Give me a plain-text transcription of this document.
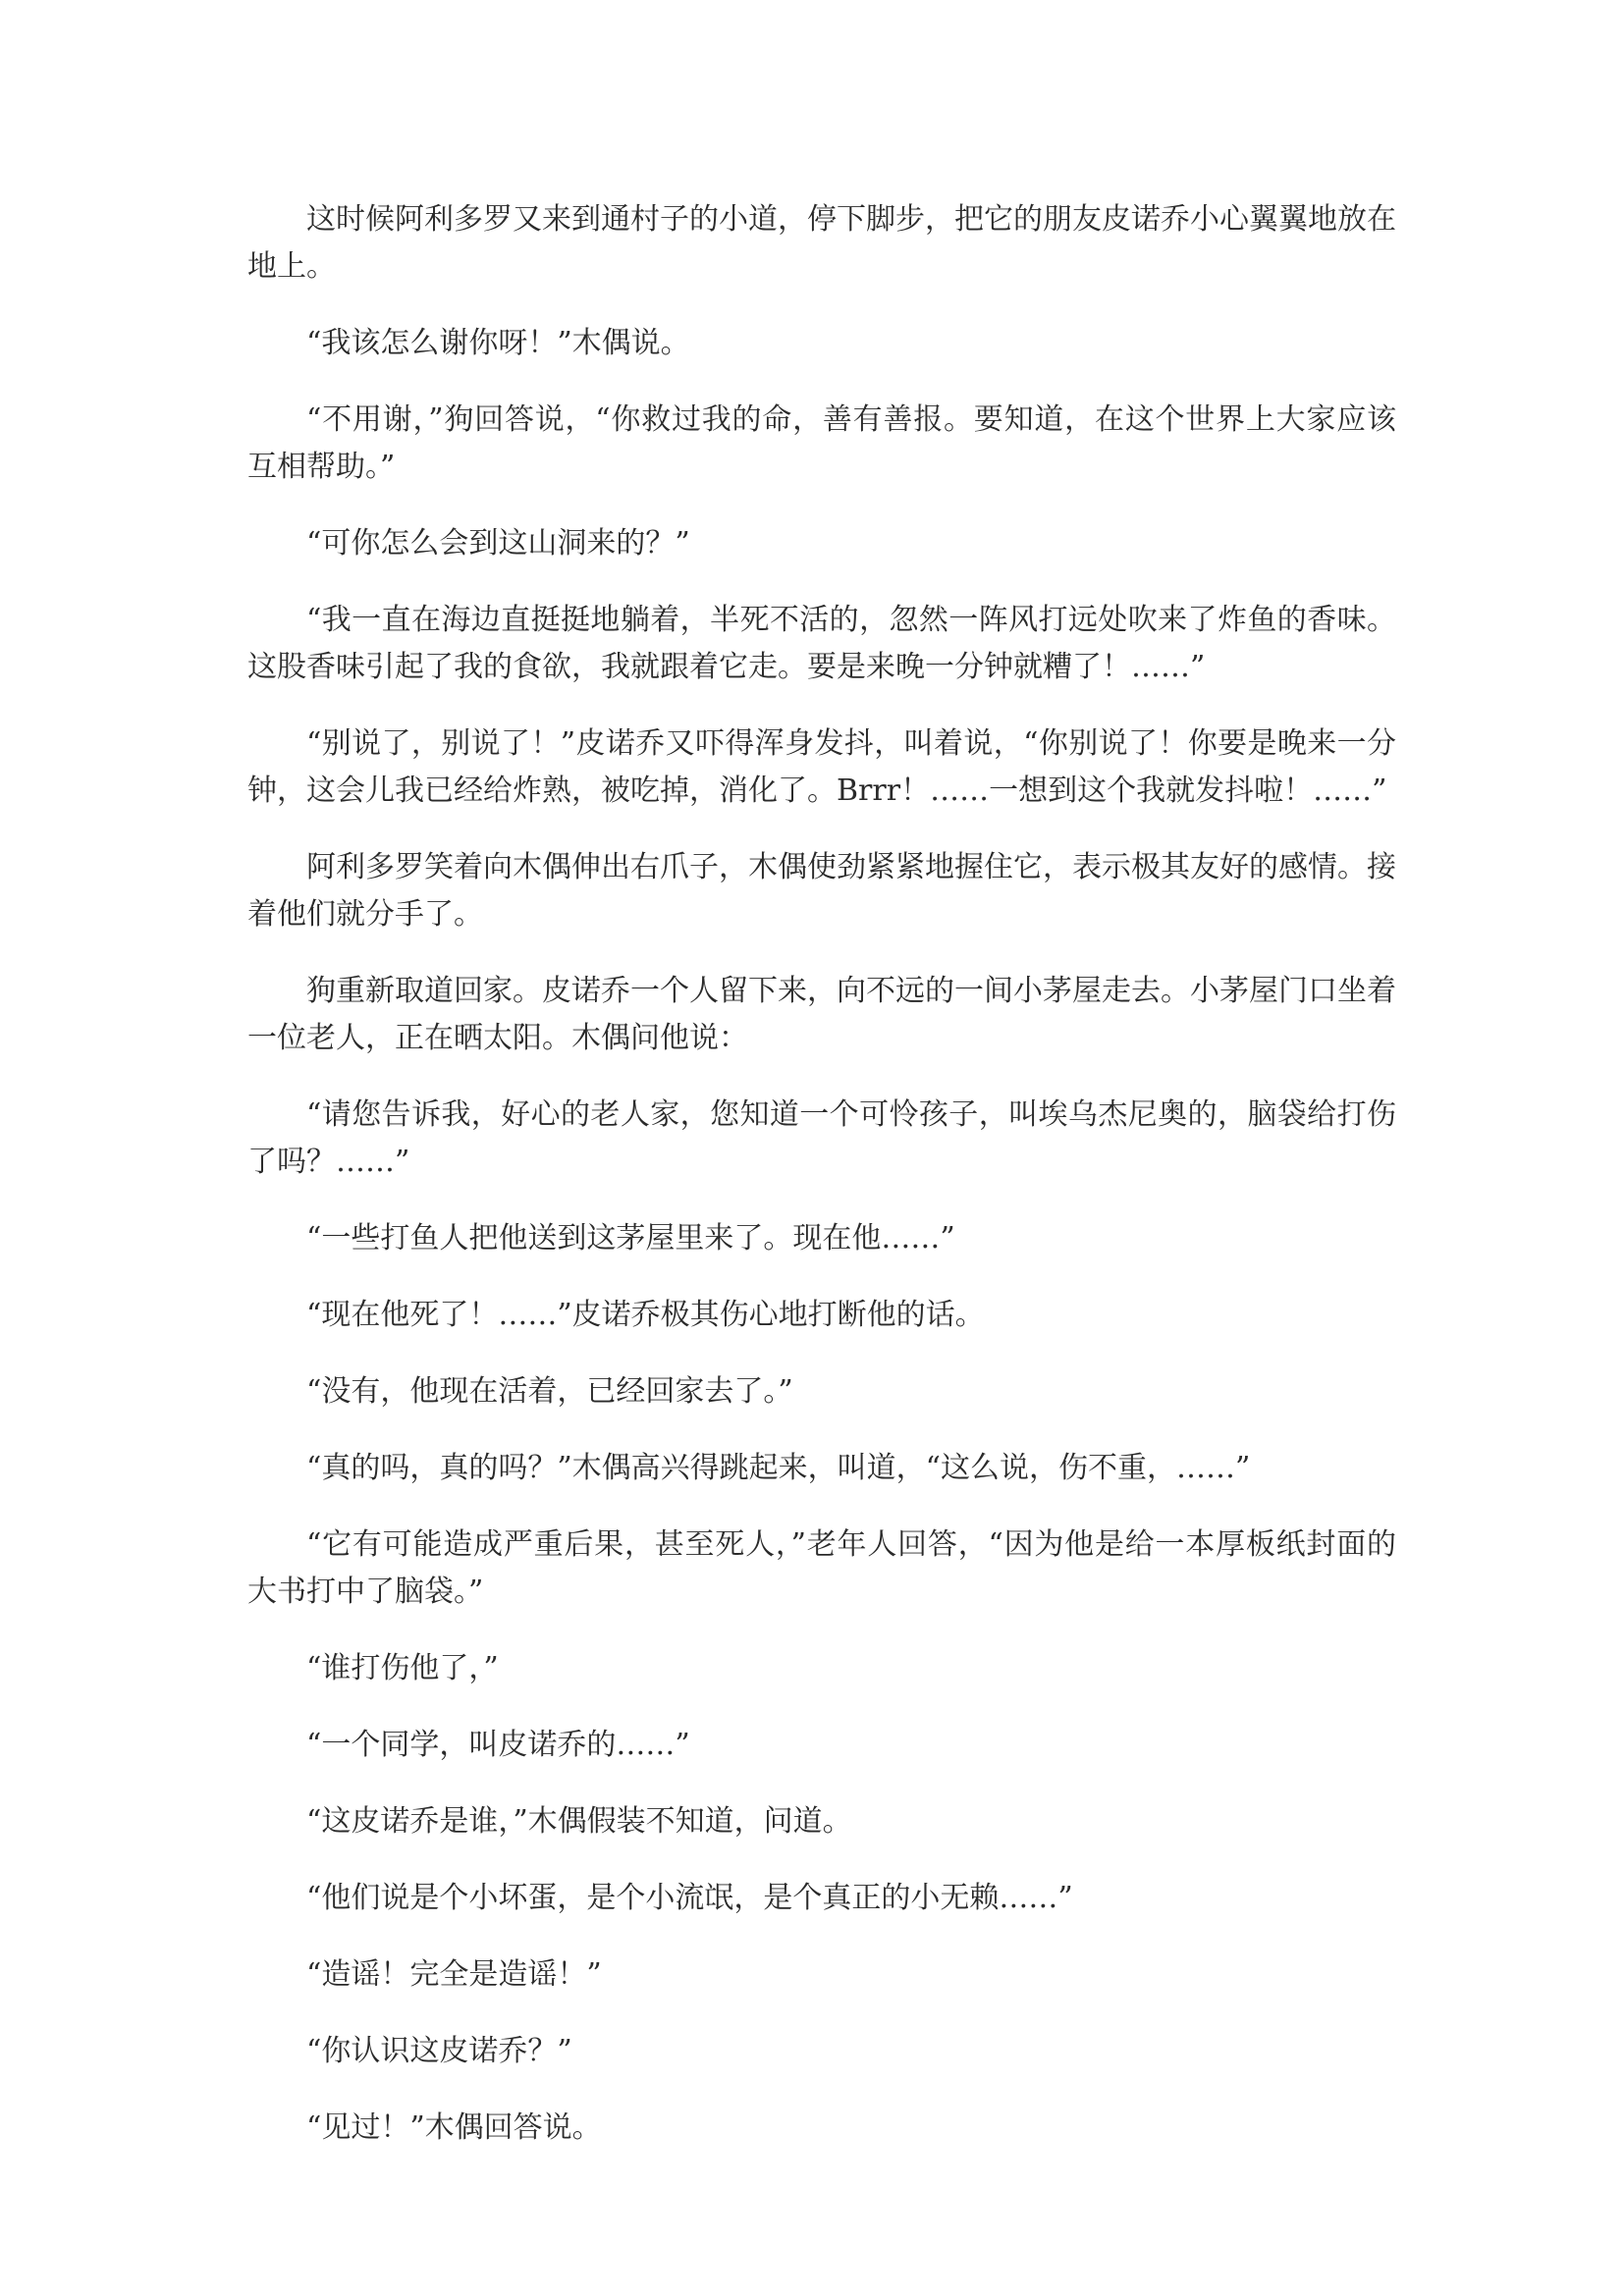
这时候阿利多罗又来到通村子的小道，停下脚步，把它的朋友皮诺乔小心翼翼地放在地上。

“我该怎么谢你呀！”木偶说。

“不用谢，”狗回答说，“你救过我的命，善有善报。要知道，在这个世界上大家应该互相帮助。”

“可你怎么会到这山洞来的？”

“我一直在海边直挺挺地躺着，半死不活的，忽然一阵风打远处吹来了炸鱼的香味。这股香味引起了我的食欲，我就跟着它走。要是来晚一分钟就糟了！……”

“别说了，别说了！”皮诺乔又吓得浑身发抖，叫着说，“你别说了！你要是晚来一分钟，这会儿我已经给炸熟，被吃掉，消化了。Brrr！……一想到这个我就发抖啦！……”

阿利多罗笑着向木偶伸出右爪子，木偶使劲紧紧地握住它，表示极其友好的感情。接着他们就分手了。

狗重新取道回家。皮诺乔一个人留下来，向不远的一间小茅屋走去。小茅屋门口坐着一位老人，正在晒太阳。木偶问他说：

“请您告诉我，好心的老人家，您知道一个可怜孩子，叫埃乌杰尼奥的，脑袋给打伤了吗？……”

“一些打鱼人把他送到这茅屋里来了。现在他……”

“现在他死了！……”皮诺乔极其伤心地打断他的话。

“没有，他现在活着，已经回家去了。”

“真的吗，真的吗？”木偶高兴得跳起来，叫道，“这么说，伤不重，……”

“它有可能造成严重后果，甚至死人，”老年人回答，“因为他是给一本厚板纸封面的大书打中了脑袋。”

“谁打伤他了，”

“一个同学，叫皮诺乔的……”

“这皮诺乔是谁，”木偶假装不知道，问道。

“他们说是个小坏蛋，是个小流氓，是个真正的小无赖……”

“造谣！完全是造谣！”

“你认识这皮诺乔？”

“见过！”木偶回答说。
